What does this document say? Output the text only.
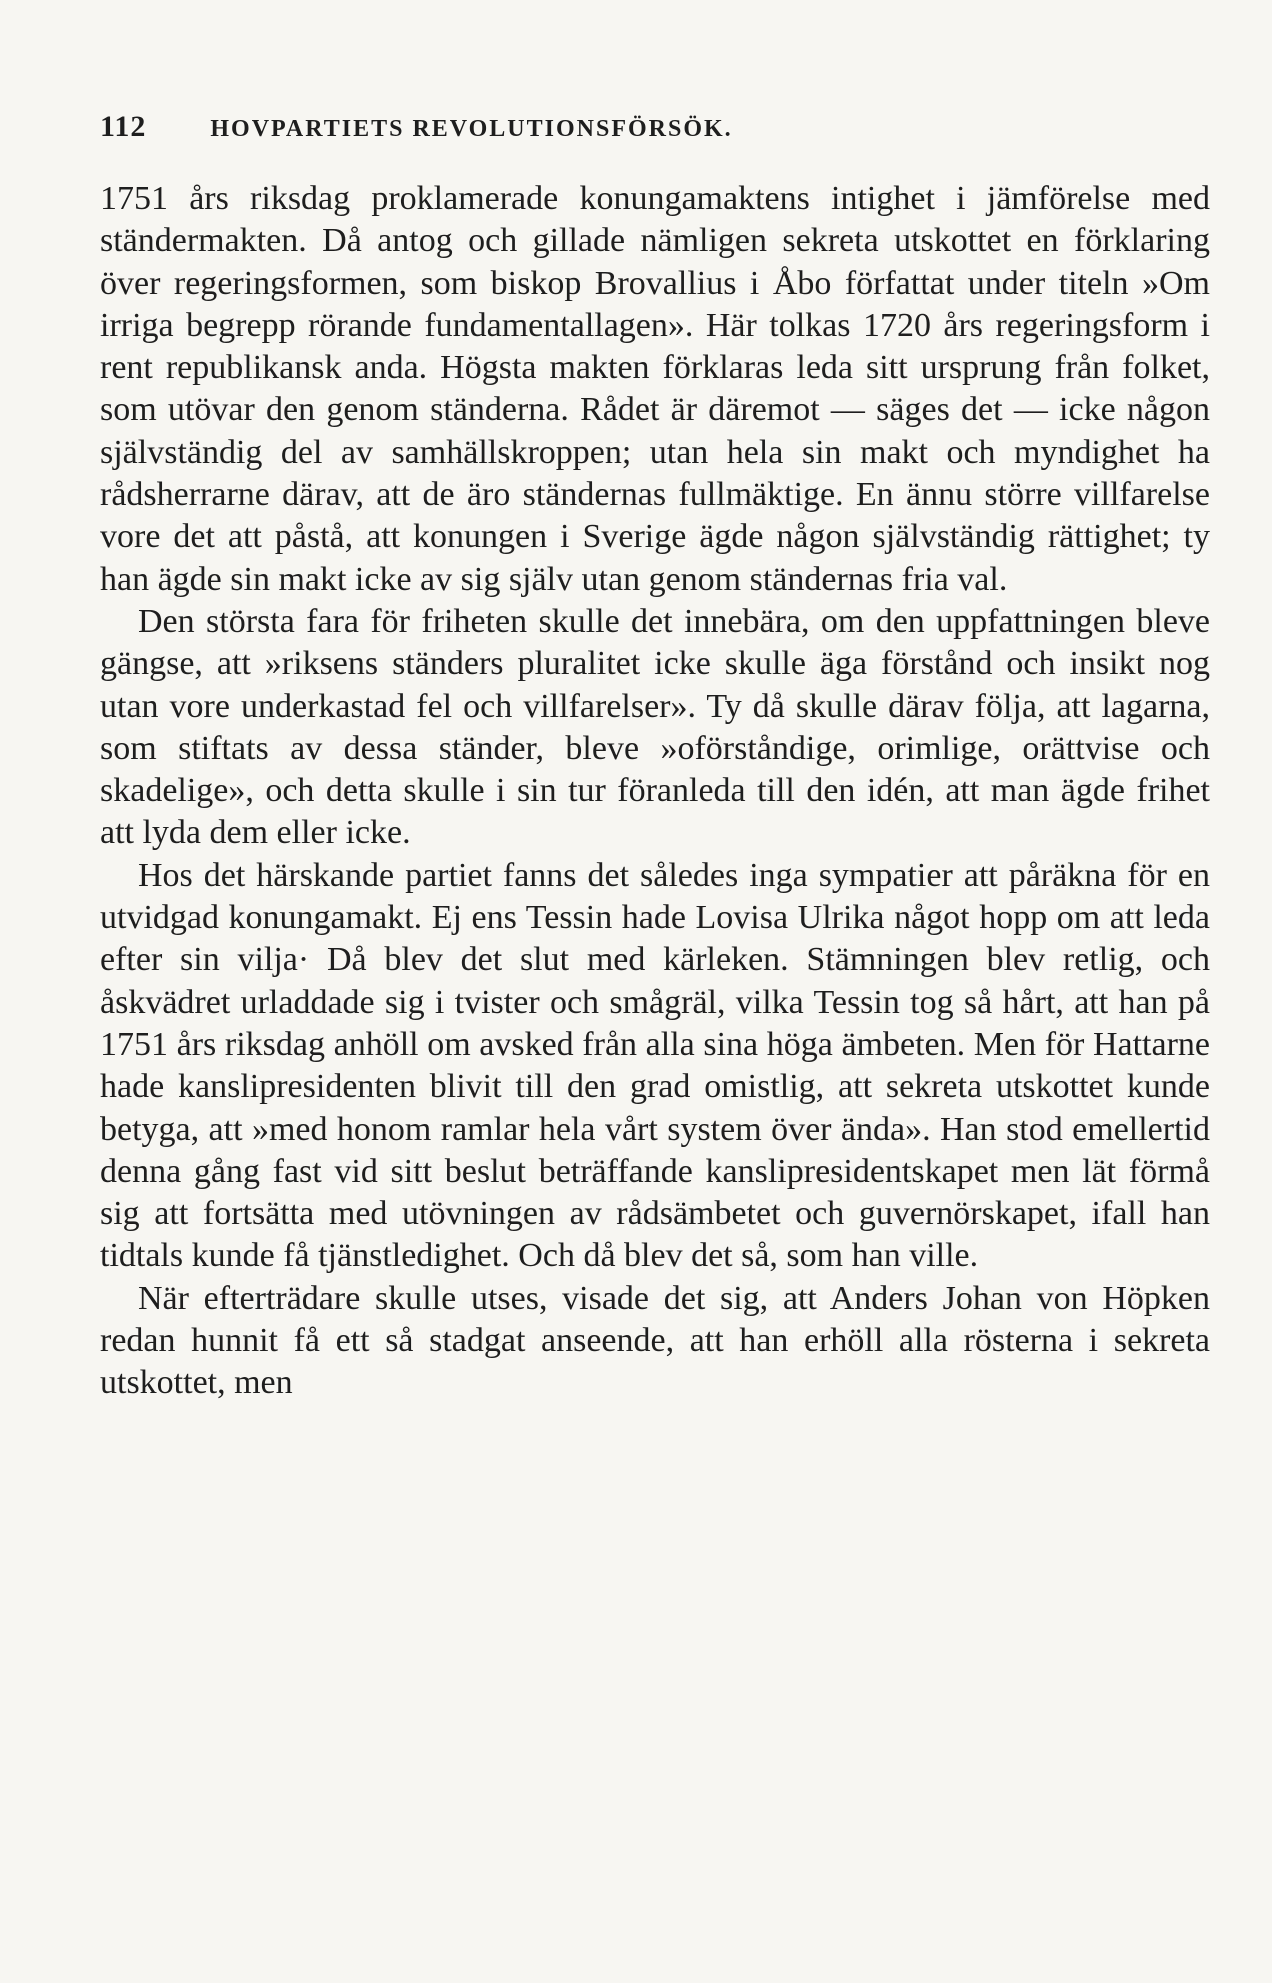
112	HOVPARTIETS REVOLUTIONSFÖRSÖK.

1751 års riksdag proklamerade konungamaktens intighet i jämförelse med ständermakten. Då antog och gillade nämligen sekreta utskottet en förklaring över regeringsformen, som biskop Brovallius i Åbo författat under titeln »Om irriga begrepp rörande fundamentallagen». Här tolkas 1720 års regeringsform i rent republikansk anda. Högsta makten förklaras leda sitt ursprung från folket, som utövar den genom ständerna. Rådet är däremot — säges det — icke någon självständig del av samhällskroppen; utan hela sin makt och myndighet ha rådsherrarne därav, att de äro ständernas fullmäktige. En ännu större villfarelse vore det att påstå, att konungen i Sverige ägde någon självständig rättighet; ty han ägde sin makt icke av sig själv utan genom ständernas fria val.

Den största fara för friheten skulle det innebära, om den uppfattningen bleve gängse, att »riksens ständers pluralitet icke skulle äga förstånd och insikt nog utan vore underkastad fel och villfarelser». Ty då skulle därav följa, att lagarna, som stiftats av dessa ständer, bleve »oförståndige, orimlige, orättvise och skadelige», och detta skulle i sin tur föranleda till den idén, att man ägde frihet att lyda dem eller icke.

Hos det härskande partiet fanns det således inga sympatier att påräkna för en utvidgad konungamakt. Ej ens Tessin hade Lovisa Ulrika något hopp om att leda efter sin vilja· Då blev det slut med kärleken. Stämningen blev retlig, och åskvädret urladdade sig i tvister och smågräl, vilka Tessin tog så hårt, att han på 1751 års riksdag anhöll om avsked från alla sina höga ämbeten. Men för Hattarne hade kanslipresidenten blivit till den grad omistlig, att sekreta utskottet kunde betyga, att »med honom ramlar hela vårt system över ända». Han stod emellertid denna gång fast vid sitt beslut beträffande kanslipresidentskapet men lät förmå sig att fortsätta med utövningen av rådsämbetet och guvernörskapet, ifall han tidtals kunde få tjänstledighet. Och då blev det så, som han ville.

När efterträdare skulle utses, visade det sig, att Anders Johan von Höpken redan hunnit få ett så stadgat anseende, att han erhöll alla rösterna i sekreta utskottet, men
